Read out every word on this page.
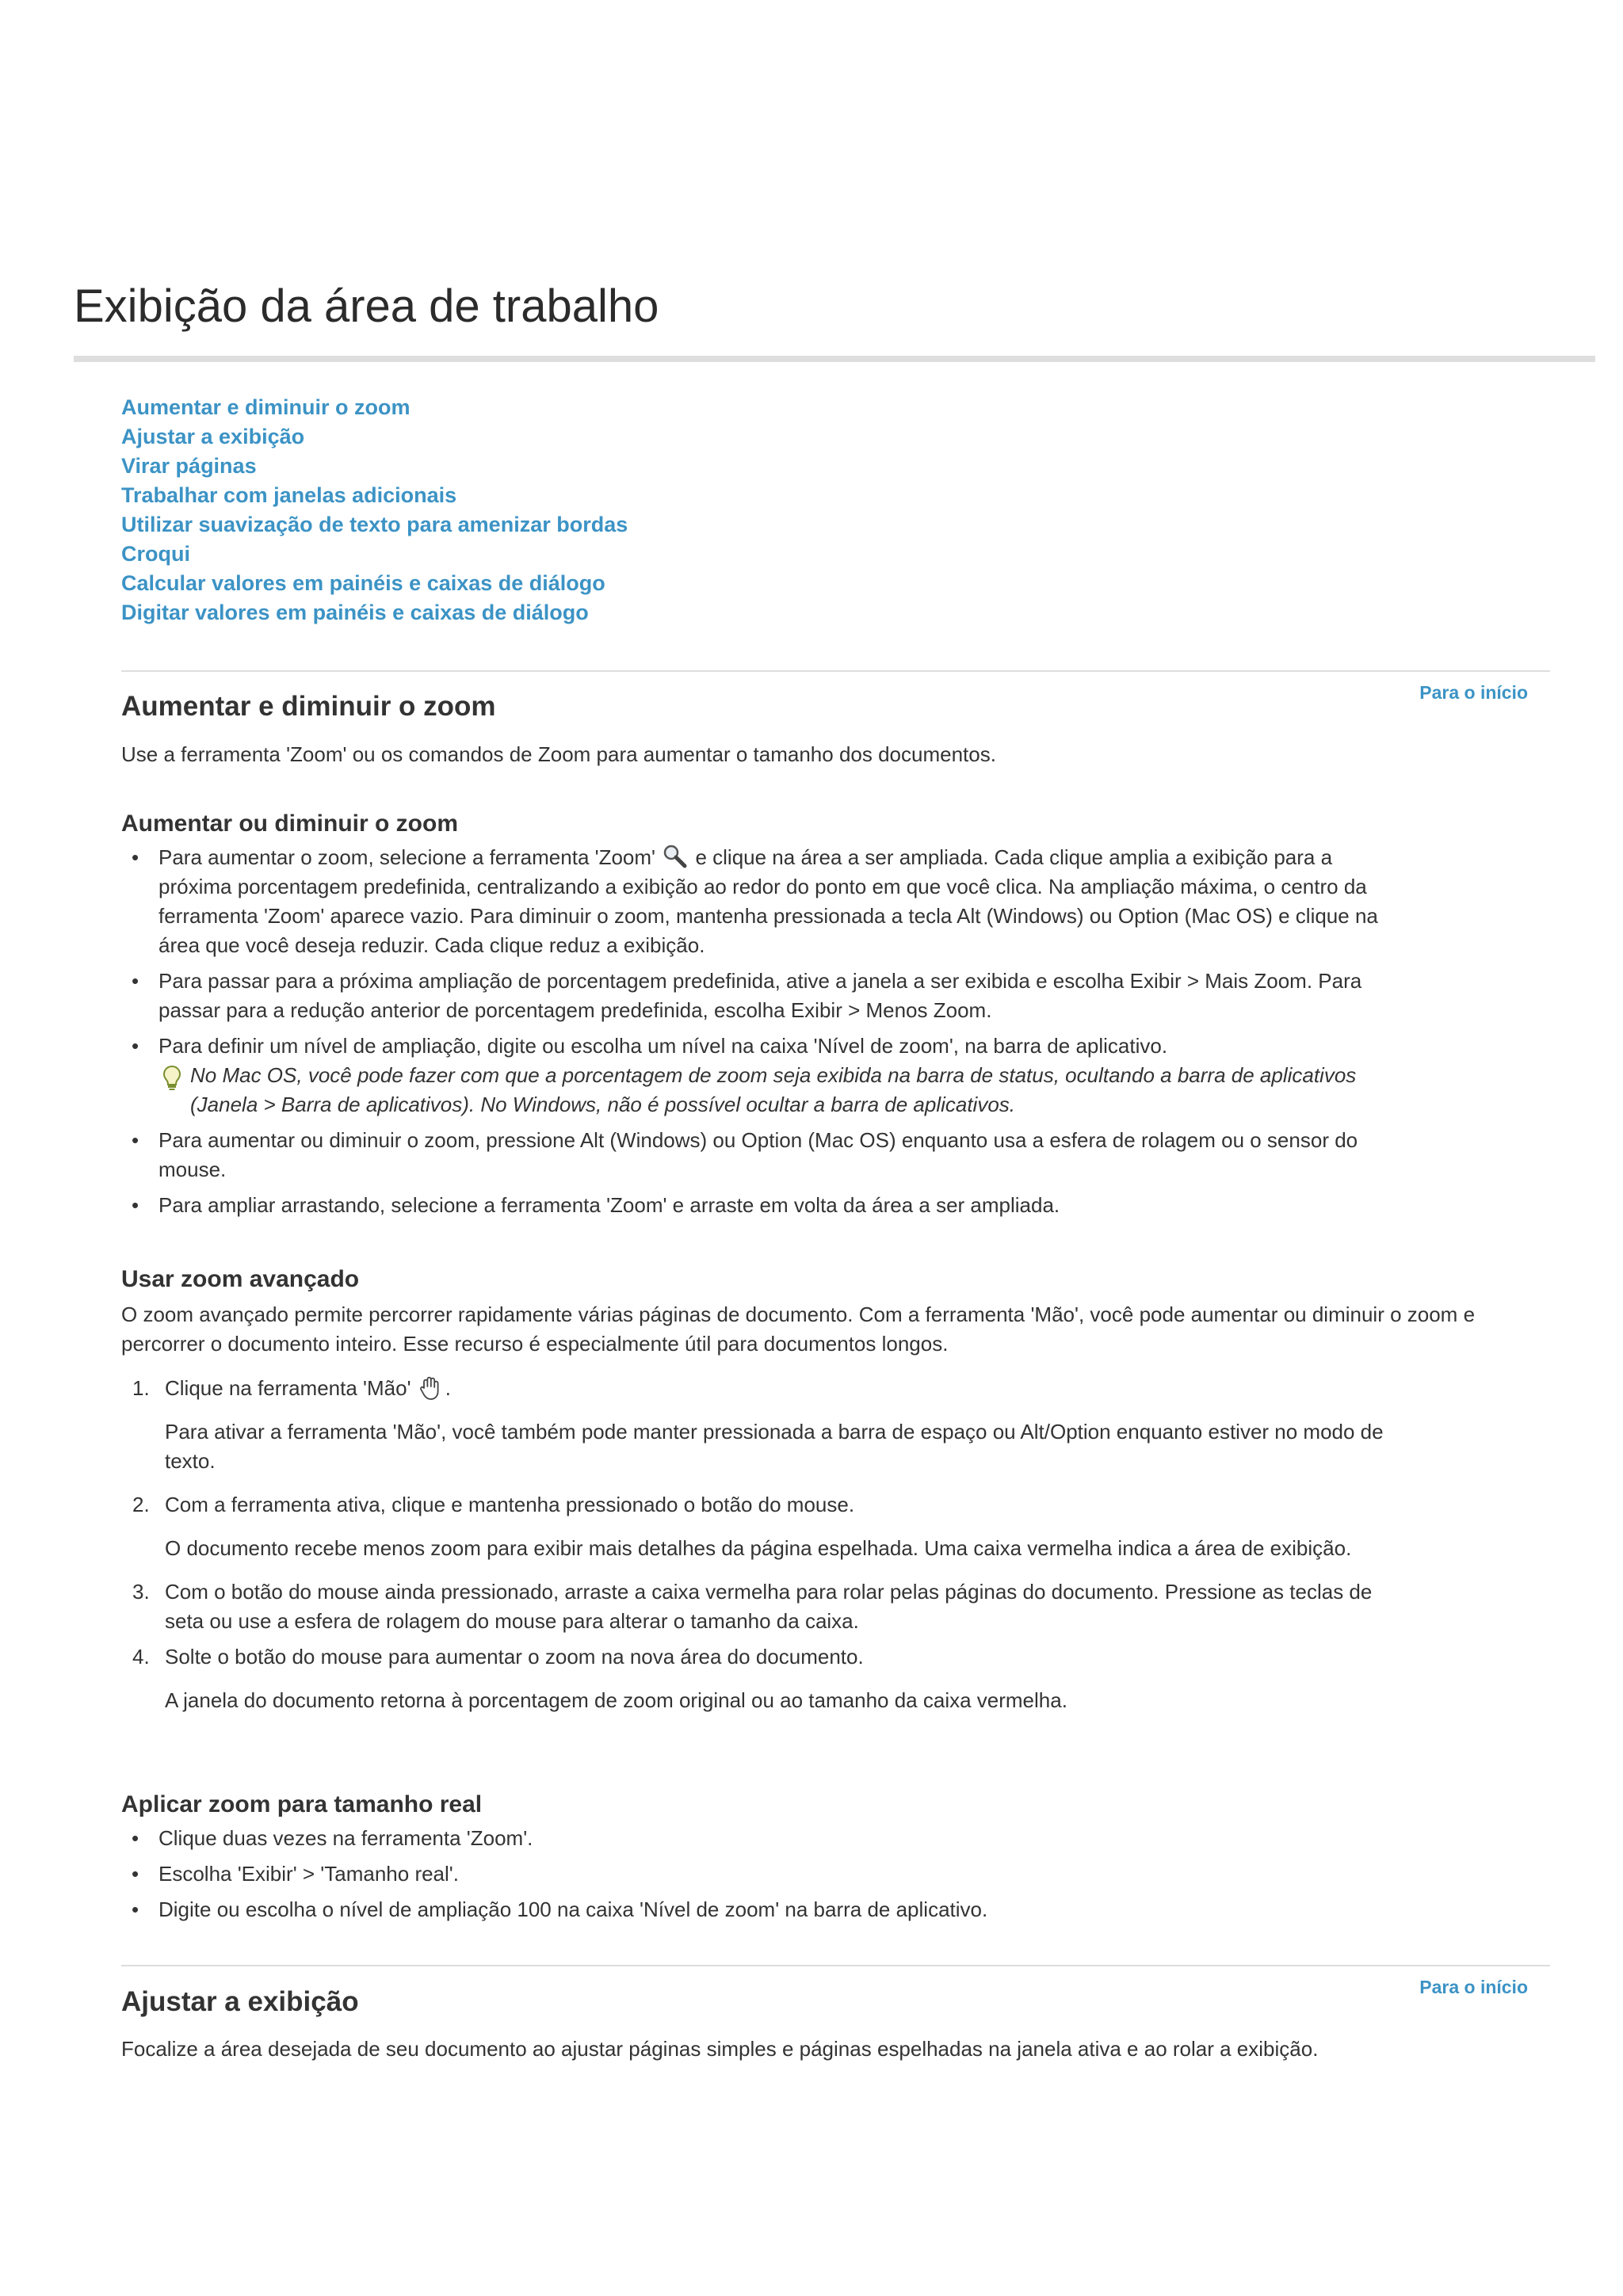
Exibição da área de trabalho
Aumentar e diminuir o zoom
Ajustar a exibição
Virar páginas
Trabalhar com janelas adicionais
Utilizar suavização de texto para amenizar bordas
Croqui
Calcular valores em painéis e caixas de diálogo
Digitar valores em painéis e caixas de diálogo
Para o início
Aumentar e diminuir o zoom

Use a ferramenta 'Zoom' ou os comandos de Zoom para aumentar o tamanho dos documentos.

Aumentar ou diminuir o zoom
• Para aumentar o zoom, selecione a ferramenta 'Zoom'  e clique na área a ser ampliada. Cada clique amplia a exibição para a próxima porcentagem predefinida, centralizando a exibição ao redor do ponto em que você clica. Na ampliação máxima, o centro da ferramenta 'Zoom' aparece vazio. Para diminuir o zoom, mantenha pressionada a tecla Alt (Windows) ou Option (Mac OS) e clique na área que você deseja reduzir. Cada clique reduz a exibição.
• Para passar para a próxima ampliação de porcentagem predefinida, ative a janela a ser exibida e escolha Exibir > Mais Zoom. Para passar para a redução anterior de porcentagem predefinida, escolha Exibir > Menos Zoom.
• Para definir um nível de ampliação, digite ou escolha um nível na caixa 'Nível de zoom', na barra de aplicativo.
No Mac OS, você pode fazer com que a porcentagem de zoom seja exibida na barra de status, ocultando a barra de aplicativos (Janela > Barra de aplicativos). No Windows, não é possível ocultar a barra de aplicativos.
• Para aumentar ou diminuir o zoom, pressione Alt (Windows) ou Option (Mac OS) enquanto usa a esfera de rolagem ou o sensor do mouse.
• Para ampliar arrastando, selecione a ferramenta 'Zoom' e arraste em volta da área a ser ampliada.
Usar zoom avançado

O zoom avançado permite percorrer rapidamente várias páginas de documento. Com a ferramenta 'Mão', você pode aumentar ou diminuir o zoom e percorrer o documento inteiro. Esse recurso é especialmente útil para documentos longos.

1. Clique na ferramenta 'Mão' .
Para ativar a ferramenta 'Mão', você também pode manter pressionada a barra de espaço ou Alt/Option enquanto estiver no modo de texto.
2. Com a ferramenta ativa, clique e mantenha pressionado o botão do mouse.
O documento recebe menos zoom para exibir mais detalhes da página espelhada. Uma caixa vermelha indica a área de exibição.
3. Com o botão do mouse ainda pressionado, arraste a caixa vermelha para rolar pelas páginas do documento. Pressione as teclas de seta ou use a esfera de rolagem do mouse para alterar o tamanho da caixa.
4. Solte o botão do mouse para aumentar o zoom na nova área do documento.
A janela do documento retorna à porcentagem de zoom original ou ao tamanho da caixa vermelha.
Aplicar zoom para tamanho real
• Clique duas vezes na ferramenta 'Zoom'.
• Escolha 'Exibir' > 'Tamanho real'.
• Digite ou escolha o nível de ampliação 100 na caixa 'Nível de zoom' na barra de aplicativo.
Para o início
Ajustar a exibição

Focalize a área desejada de seu documento ao ajustar páginas simples e páginas espelhadas na janela ativa e ao rolar a exibição.
